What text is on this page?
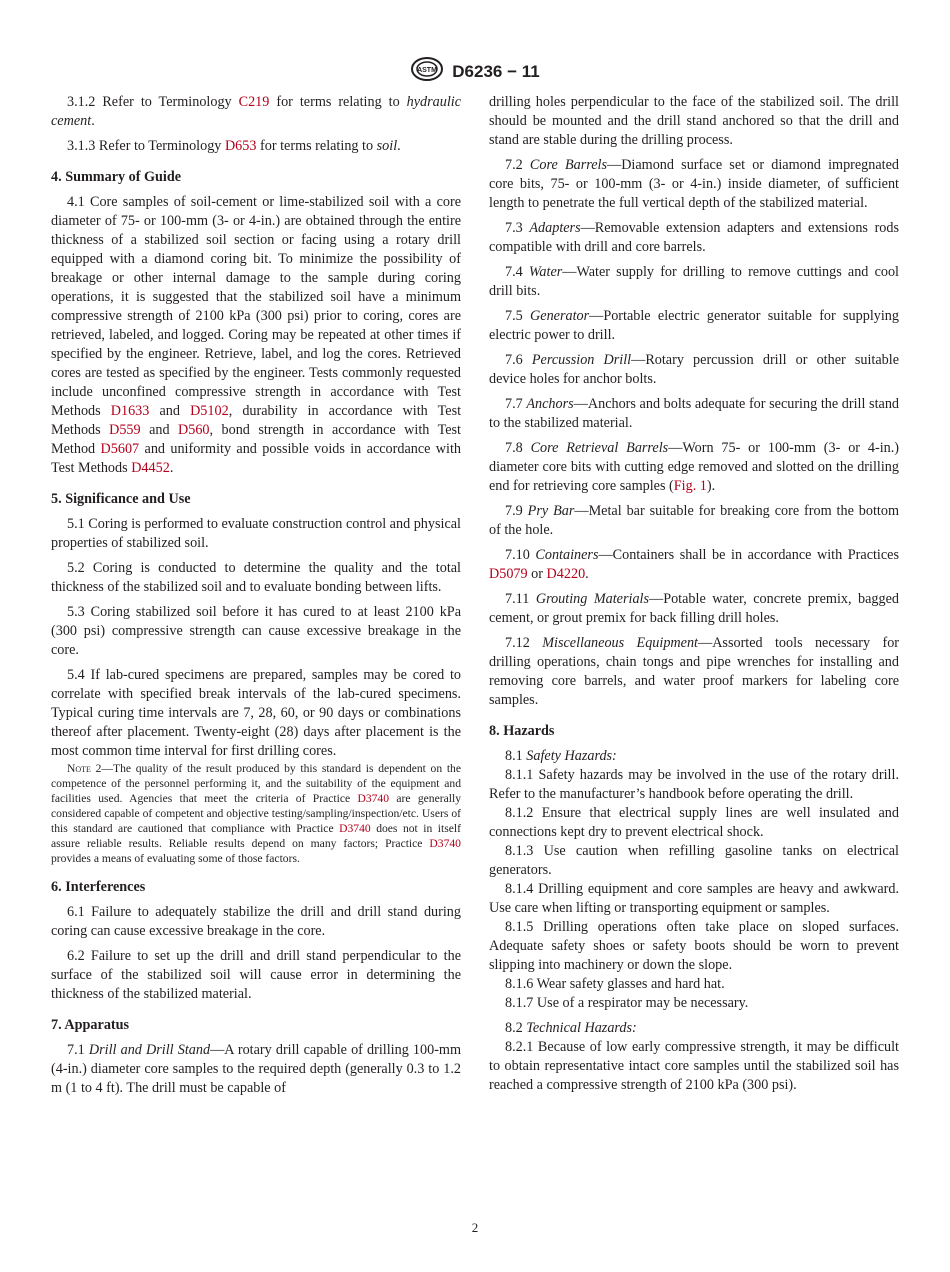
ASTM D6236 − 11

3.1.2 Refer to Terminology C219 for terms relating to hydraulic cement.

3.1.3 Refer to Terminology D653 for terms relating to soil.

4. Summary of Guide

4.1 Core samples of soil-cement or lime-stabilized soil with a core diameter of 75- or 100-mm (3- or 4-in.) are obtained through the entire thickness of a stabilized soil section or facing using a rotary drill equipped with a diamond coring bit. To minimize the possibility of breakage or other internal damage to the sample during coring operations, it is suggested that the stabilized soil have a minimum compressive strength of 2100 kPa (300 psi) prior to coring, cores are retrieved, labeled, and logged. Coring may be repeated at other times if specified by the engineer. Retrieve, label, and log the cores. Retrieved cores are tested as specified by the engineer. Tests commonly requested include unconfined compressive strength in accordance with Test Methods D1633 and D5102, durability in accordance with Test Methods D559 and D560, bond strength in accordance with Test Method D5607 and uniformity and possible voids in accordance with Test Methods D4452.

5. Significance and Use

5.1 Coring is performed to evaluate construction control and physical properties of stabilized soil.

5.2 Coring is conducted to determine the quality and the total thickness of the stabilized soil and to evaluate bonding between lifts.

5.3 Coring stabilized soil before it has cured to at least 2100 kPa (300 psi) compressive strength can cause excessive breakage in the core.

5.4 If lab-cured specimens are prepared, samples may be cored to correlate with specified break intervals of the lab-cured specimens. Typical curing time intervals are 7, 28, 60, or 90 days or combinations thereof after placement. Twenty-eight (28) days after placement is the most common time interval for first drilling cores.

Note 2—The quality of the result produced by this standard is dependent on the competence of the personnel performing it, and the suitability of the equipment and facilities used. Agencies that meet the criteria of Practice D3740 are generally considered capable of competent and objective testing/sampling/inspection/etc. Users of this standard are cautioned that compliance with Practice D3740 does not in itself assure reliable results. Reliable results depend on many factors; Practice D3740 provides a means of evaluating some of those factors.
6. Interferences

6.1 Failure to adequately stabilize the drill and drill stand during coring can cause excessive breakage in the core.

6.2 Failure to set up the drill and drill stand perpendicular to the surface of the stabilized soil will cause error in determining the thickness of the stabilized material.

7. Apparatus

7.1 Drill and Drill Stand—A rotary drill capable of drilling 100-mm (4-in.) diameter core samples to the required depth (generally 0.3 to 1.2 m (1 to 4 ft). The drill must be capable of

drilling holes perpendicular to the face of the stabilized soil. The drill should be mounted and the drill stand anchored so that the drill and stand are stable during the drilling process.

7.2 Core Barrels—Diamond surface set or diamond impregnated core bits, 75- or 100-mm (3- or 4-in.) inside diameter, of sufficient length to penetrate the full vertical depth of the stabilized material.

7.3 Adapters—Removable extension adapters and extensions rods compatible with drill and core barrels.

7.4 Water—Water supply for drilling to remove cuttings and cool drill bits.

7.5 Generator—Portable electric generator suitable for supplying electric power to drill.

7.6 Percussion Drill—Rotary percussion drill or other suitable device holes for anchor bolts.

7.7 Anchors—Anchors and bolts adequate for securing the drill stand to the stabilized material.

7.8 Core Retrieval Barrels—Worn 75- or 100-mm (3- or 4-in.) diameter core bits with cutting edge removed and slotted on the drilling end for retrieving core samples (Fig. 1).

7.9 Pry Bar—Metal bar suitable for breaking core from the bottom of the hole.

7.10 Containers—Containers shall be in accordance with Practices D5079 or D4220.

7.11 Grouting Materials—Potable water, concrete premix, bagged cement, or grout premix for back filling drill holes.

7.12 Miscellaneous Equipment—Assorted tools necessary for drilling operations, chain tongs and pipe wrenches for installing and removing core barrels, and water proof markers for labeling core samples.

8. Hazards

8.1 Safety Hazards:

8.1.1 Safety hazards may be involved in the use of the rotary drill. Refer to the manufacturer’s handbook before operating the drill.

8.1.2 Ensure that electrical supply lines are well insulated and connections kept dry to prevent electrical shock.

8.1.3 Use caution when refilling gasoline tanks on electrical generators.

8.1.4 Drilling equipment and core samples are heavy and awkward. Use care when lifting or transporting equipment or samples.

8.1.5 Drilling operations often take place on sloped surfaces. Adequate safety shoes or safety boots should be worn to prevent slipping into machinery or down the slope.

8.1.6 Wear safety glasses and hard hat.

8.1.7 Use of a respirator may be necessary.

8.2 Technical Hazards:

8.2.1 Because of low early compressive strength, it may be difficult to obtain representative intact core samples until the stabilized soil has reached a compressive strength of 2100 kPa (300 psi).

2
